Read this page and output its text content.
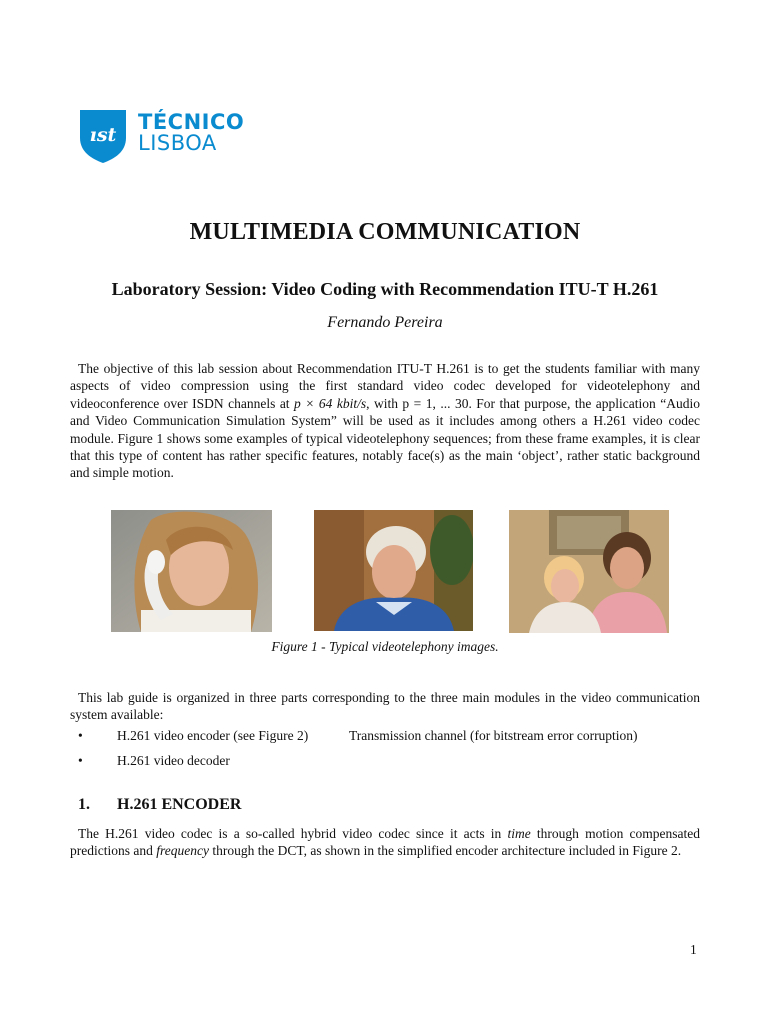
ıst
TÉCNICO
LISBOA
MULTIMEDIA COMMUNICATION
Laboratory Session: Video Coding with Recommendation ITU-T H.261
Fernando Pereira
The objective of this lab session about Recommendation ITU-T H.261 is to get the students familiar with many aspects of video compression using the first standard video codec developed for videotelephony and videoconference over ISDN channels at p × 64 kbit/s, with p = 1, ... 30. For that purpose, the application “Audio and Video Communication Simulation System” will be used as it includes among others a H.261 video codec module. Figure 1 shows some examples of typical videotelephony sequences; from these frame examples, it is clear that this type of content has rather specific features, notably face(s) as the main ‘object’, rather static background and simple motion.
Figure 1 - Typical videotelephony images.
This lab guide is organized in three parts corresponding to the three main modules in the video communication system available:
•	H.261 video encoder (see Figure 2)	Transmission channel (for bitstream error corruption)
•	H.261 video decoder
1. H.261 ENCODER
The H.261 video codec is a so-called hybrid video codec since it acts in time through motion compensated predictions and frequency through the DCT, as shown in the simplified encoder architecture included in Figure 2.
1
